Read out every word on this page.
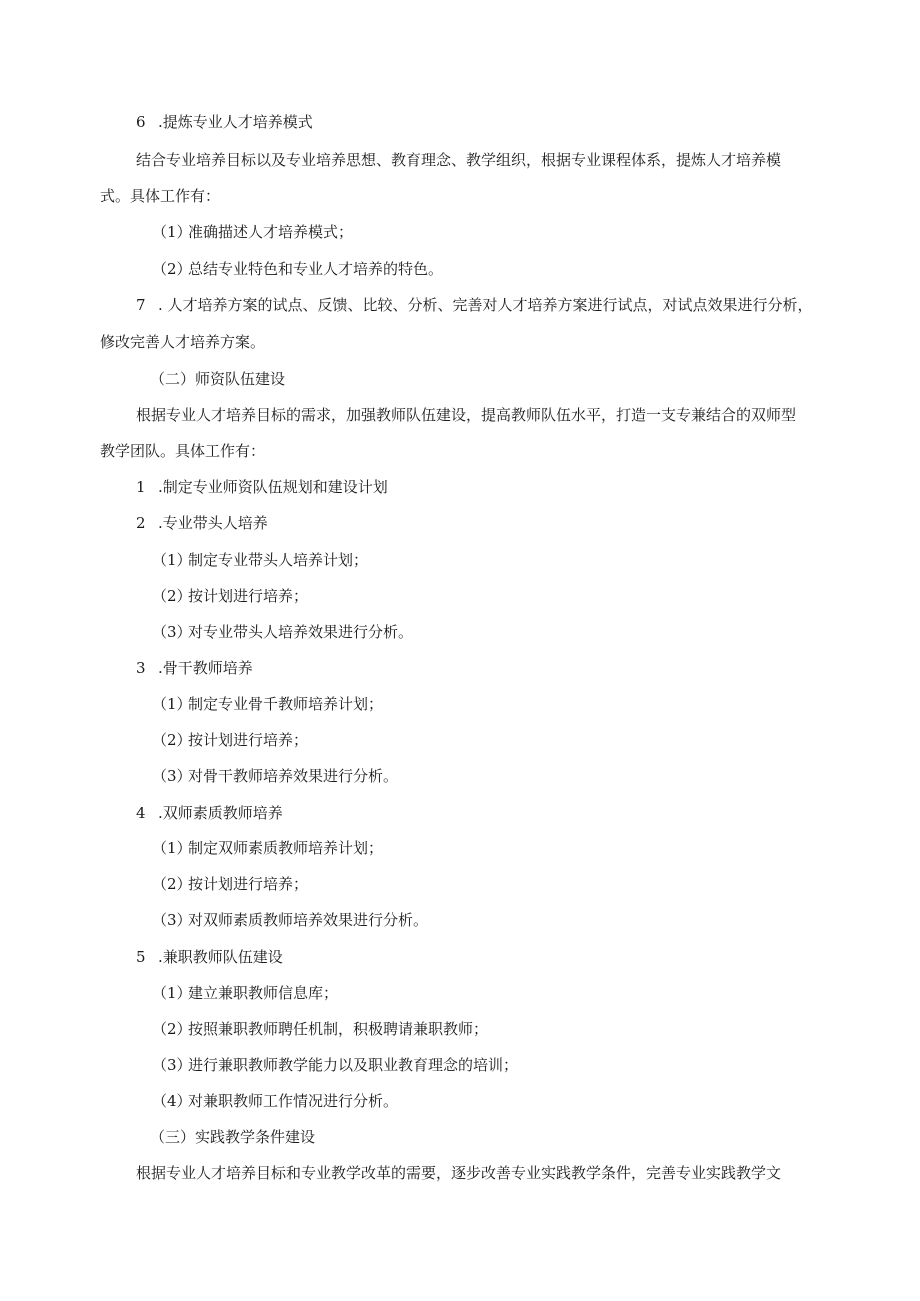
6 .提炼专业人才培养模式
结合专业培养目标以及专业培养思想、教育理念、教学组织，根据专业课程体系，提炼人才培养模
式。具体工作有：
（1）准确描述人才培养模式；
（2）总结专业特色和专业人才培养的特色。
7 . 人才培养方案的试点、反馈、比较、分析、完善对人才培养方案进行试点，对试点效果进行分析，
修改完善人才培养方案。
（二）师资队伍建设
根据专业人才培养目标的需求，加强教师队伍建设，提高教师队伍水平，打造一支专兼结合的双师型
教学团队。具体工作有：
1 .制定专业师资队伍规划和建设计划
2 .专业带头人培养
（1）制定专业带头人培养计划；
（2）按计划进行培养；
（3）对专业带头人培养效果进行分析。
3 .骨干教师培养
（1）制定专业骨千教师培养计划；
（2）按计划进行培养；
（3）对骨干教师培养效果进行分析。
4 .双师素质教师培养
（1）制定双师素质教师培养计划；
（2）按计划进行培养；
（3）对双师素质教师培养效果进行分析。
5 .兼职教师队伍建设
（1）建立兼职教师信息库；
（2）按照兼职教师聘任机制，积极聘请兼职教师；
（3）进行兼职教师教学能力以及职业教育理念的培训；
（4）对兼职教师工作情况进行分析。
（三）实践教学条件建设
根据专业人才培养目标和专业教学改革的需要，逐步改善专业实践教学条件，完善专业实践教学文
